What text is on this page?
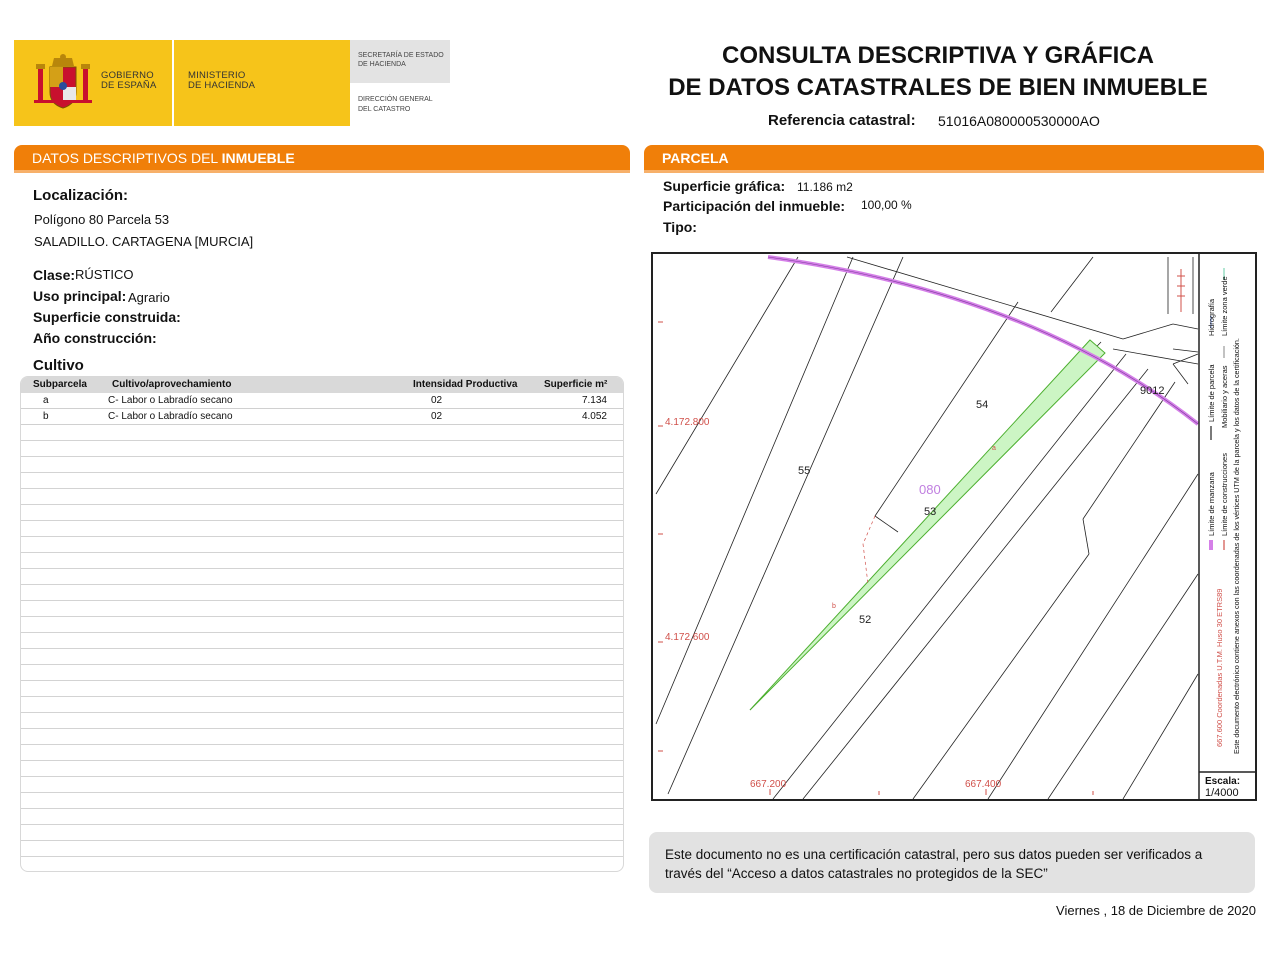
GOBIERNO
DE ESPAÑA
MINISTERIO
DE HACIENDA
SECRETARÍA DE ESTADO
DE HACIENDA
DIRECCIÓN GENERAL
DEL CATASTRO
CONSULTA DESCRIPTIVA Y GRÁFICA
DE DATOS CATASTRALES DE BIEN INMUEBLE
Referencia catastral: 51016A080000530000AO
DATOS DESCRIPTIVOS DEL INMUEBLE	PARCELA
Localización:
Polígono 80 Parcela 53
SALADILLO. CARTAGENA [MURCIA]
Clase: RÚSTICO
Uso principal: Agrario
Superficie construida:
Año construcción:
Cultivo
Subparcela	Cultivo/aprovechamiento	Intensidad Productiva	Superficie m²
a	C- Labor o Labradío secano	02	7.134
b	C- Labor o Labradío secano	02	4.052
Superficie gráfica: 11.186 m2
Participación del inmueble: 100,00 %
Tipo:
Límite de manzana
Límite de parcela
Límite de construcciones
Mobiliario y aceras
Hidrografía Límite zona verde
667.600 Coordenadas U.T.M. Huso 30 ETRS89 Este documento electrónico contiene anexos con las coordenadas de los vértices UTM de la parcela y los datos de la certificación.
Escala:
1/4000
54
55
53
52
9012
080
a
b
4.172.800
4.172.600
667.200	667.400
Este documento no es una certificación catastral, pero sus datos pueden ser verificados a
través del “Acceso a datos catastrales no protegidos de la SEC”
Viernes , 18 de Diciembre de 2020
